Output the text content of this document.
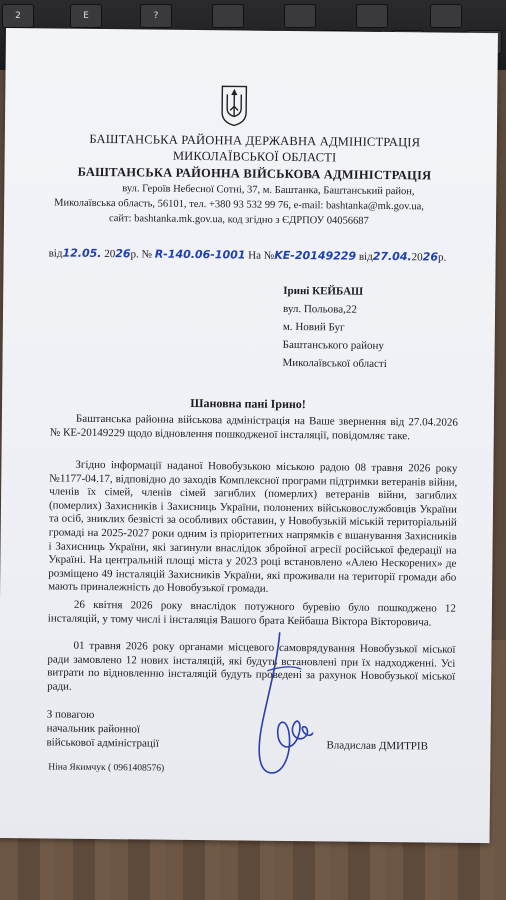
2	E	?
БАШТАНСЬКА РАЙОННА ДЕРЖАВНА АДМІНІСТРАЦІЯ
МИКОЛАЇВСЬКОЇ ОБЛАСТІ
БАШТАНСЬКА РАЙОННА ВІЙСЬКОВА АДМІНІСТРАЦІЯ
вул. Героїв Небесної Сотні, 37, м. Баштанка, Баштанський район,
Миколаївська область, 56101, тел. +380 93 532 99 76, e-mail: bashtanka@mk.gov.ua,
сайт: bashtanka.mk.gov.ua, код згідно з ЄДРПОУ 04056687
від12.05. 2026р. № R-140.06-1001 На №KE-20149229 від27.04.2026р.
Ірині КЕЙБАШ
вул. Польова,22
м. Новий Буг
Баштанського району
Миколаївської області
Шановна пані Ірино!
Баштанська районна військова адміністрація на Ваше звернення від 27.04.2026 № КЕ-20149229 щодо відновлення пошкодженої інсталяції, повідомляє таке.
Згідно інформації наданої Новобузькою міською радою 08 травня 2026 року №1177-04.17, відповідно до заходів Комплексної програми підтримки ветеранів війни, членів їх сімей, членів сімей загиблих (померлих) ветеранів війни, загиблих (померлих) Захисників і Захисниць України, полонених військовослужбовців України та осіб, зниклих безвісті за особливих обставин, у Новобузькій міській територіальній громаді на 2025-2027 роки одним із пріоритетних напрямків є вшанування Захисників і Захисниць України, які загинули внаслідок збройної агресії російської федерації на Україні. На центральній площі міста у 2023 році встановлено «Алею Нескорених» де розміщено 49 інсталяцій Захисників України, які проживали на території громади або мають приналежність до Новобузької громади.
26 квітня 2026 року внаслідок потужного буревію було пошкоджено 12 інсталяцій, у тому числі і інсталяція Вашого брата Кейбаша Віктора Вікторовича.
01 травня 2026 року органами місцевого самоврядування Новобузької міської ради замовлено 12 нових інсталяцій, які будуть встановлені при їх надходженні. Усі витрати по відновленню інсталяцій будуть проведені за рахунок Новобузької міської ради.
З повагою
начальник районної
військової адміністрації	Владислав ДМИТРІВ
Ніна Якимчук ( 0961408576)
